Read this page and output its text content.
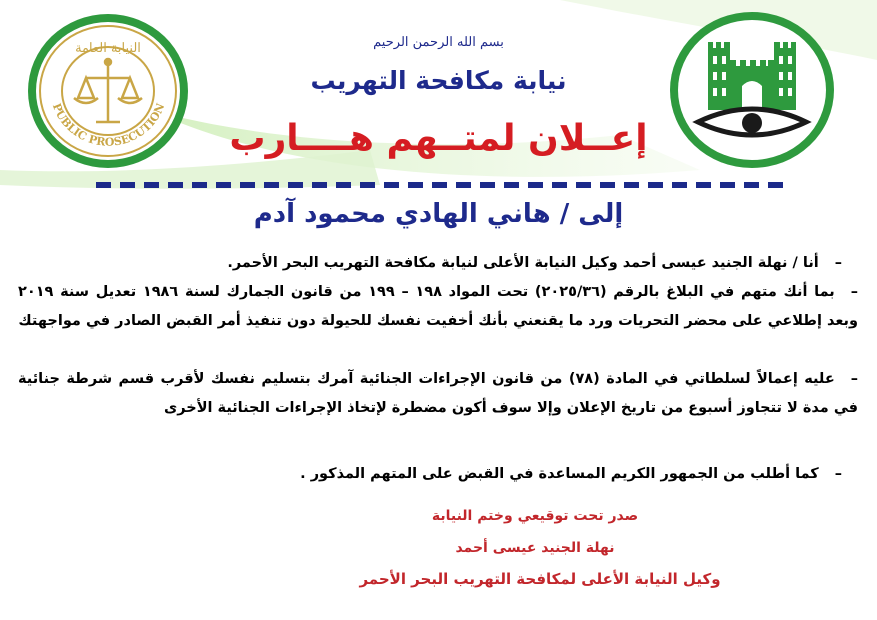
النيابة العامة
PUBLIC PROSECUTION
بسم الله الرحمن الرحيم
نيابة مكافحة التهريب
إعــلان لمتــهم هــــارب
إلى / هاني الهادي محمود آدم
–أنا / نهلة الجنيد عيسى أحمد وكيل النيابة الأعلى لنيابة مكافحة التهريب البحر الأحمر.
–بما أنك متهم في البلاغ بالرقم (٢٠٢٥/٣٦) تحت المواد ١٩٨ – ١٩٩ من قانون الجمارك لسنة ١٩٨٦ تعديل سنة ٢٠١٩ وبعد إطلاعي على محضر التحريات ورد ما يقنعني بأنك أخفيت نفسك للحيولة دون تنفيذ أمر القبض الصادر في مواجهتك
–عليه إعمالاً لسلطاتي في المادة (٧٨) من قانون الإجراءات الجنائية آمرك بتسليم نفسك لأقرب قسم شرطة جنائية في مدة لا تتجاوز أسبوع من تاريخ الإعلان وإلا سوف أكون مضطرة لإتخاذ الإجراءات الجنائية الأخرى
–كما أطلب من الجمهور الكريم المساعدة في القبض على المتهم المذكور .
صدر تحت توقيعي وختم النيابة
نهلة الجنيد عيسى أحمد
وكيل النيابة الأعلى لمكافحة التهريب البحر الأحمر
